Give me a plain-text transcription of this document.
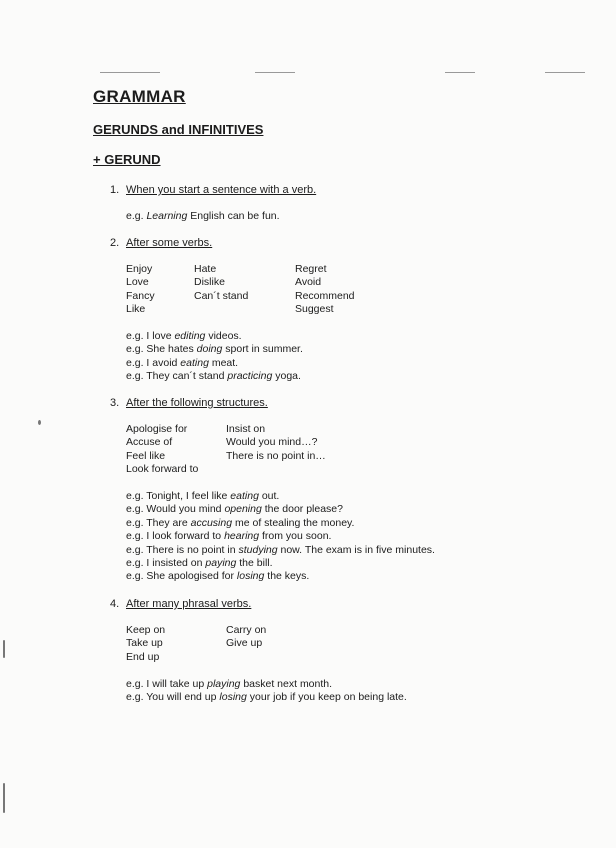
GRAMMAR
GERUNDS and INFINITIVES
+ GERUND
1. When you start a sentence with a verb.
e.g. Learning English can be fun.
2. After some verbs.
Enjoy
Love
Fancy
Like
Hate
Dislike
Can´t stand
Regret
Avoid
Recommend
Suggest
e.g. I love editing videos.
e.g. She hates doing sport in summer.
e.g. I avoid eating meat.
e.g. They can´t stand practicing yoga.
3. After the following structures.
Apologise for
Accuse of
Feel like
Look forward to
Insist on
Would you mind…?
There is no point in…
e.g. Tonight, I feel like eating out.
e.g. Would you mind opening the door please?
e.g. They are accusing me of stealing the money.
e.g. I look forward to hearing from you soon.
e.g. There is no point in studying now. The exam is in five minutes.
e.g. I insisted on paying the bill.
e.g. She apologised for losing the keys.
4. After many phrasal verbs.
Keep on
Take up
End up
Carry on
Give up
e.g. I will take up playing basket next month.
e.g. You will end up losing your job if you keep on being late.
